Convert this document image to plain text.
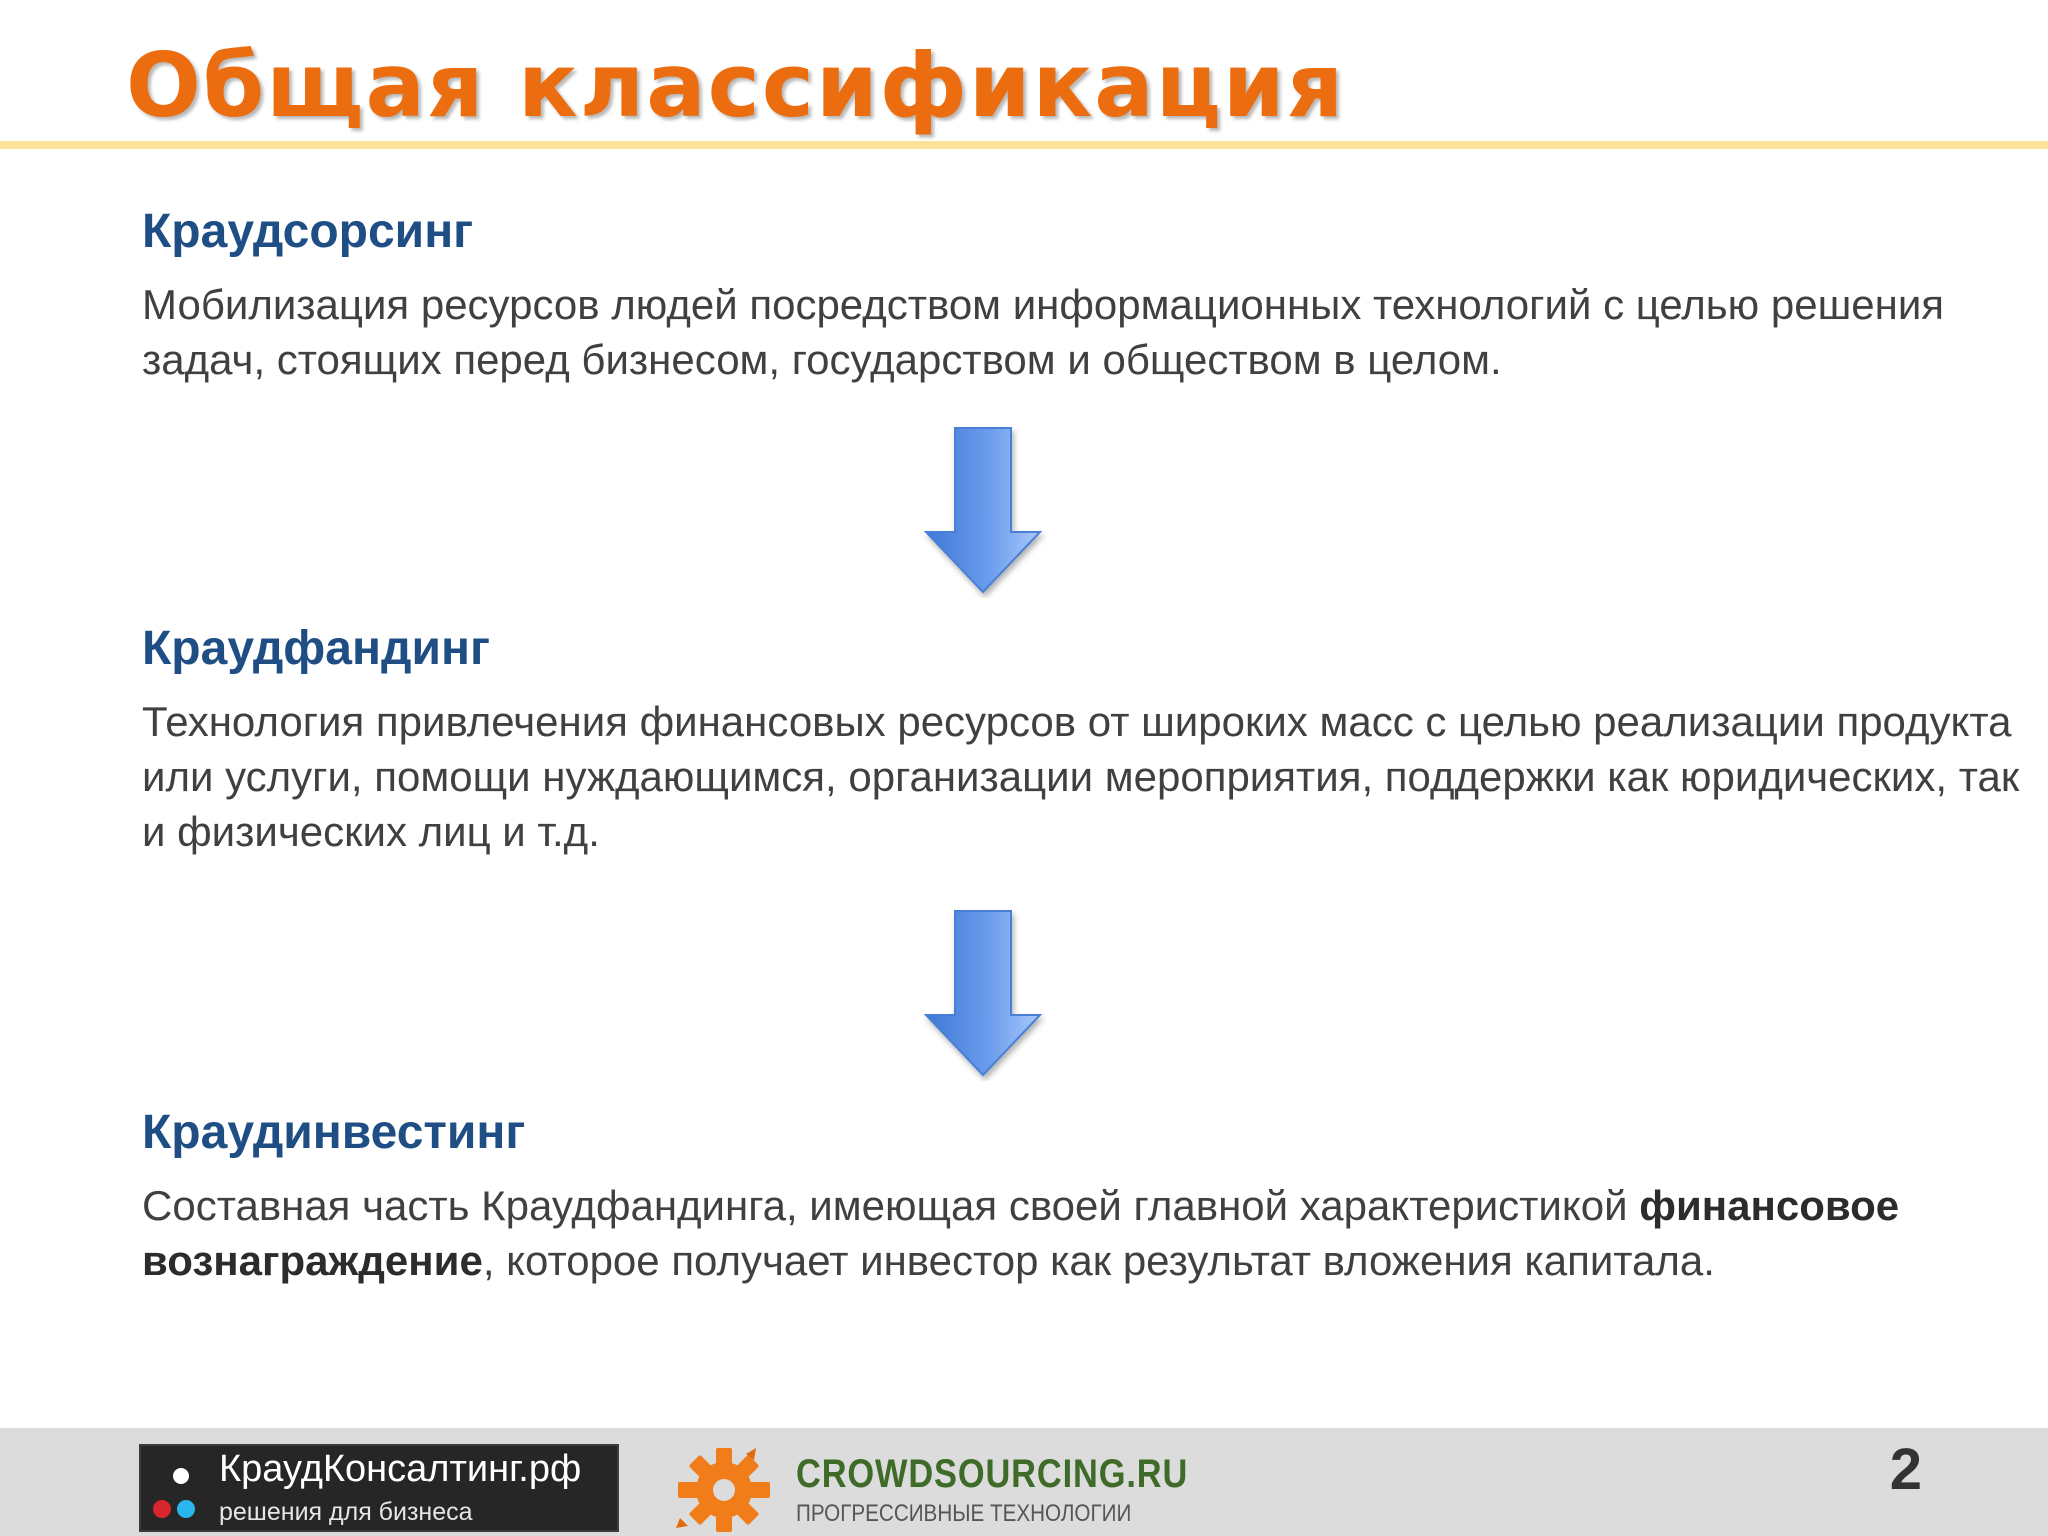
Общая классификация
Краудсорсинг

Мобилизация ресурсов людей посредством информационных технологий с целью решения задач, стоящих перед бизнесом, государством и обществом в целом.

Краудфандинг

Технология привлечения финансовых ресурсов от широких масс с целью реализации продукта или услуги, помощи нуждающимся, организации мероприятия, поддержки как юридических, так и физических лиц и т.д.

Краудинвестинг

Составная часть Краудфандинга, имеющая своей главной характеристикой финансовое вознаграждение, которое получает инвестор как результат вложения капитала.

КраудКонсалтинг.рф
решения для бизнеса
CROWDSOURCING.RU
ПРОГРЕССИВНЫЕ ТЕХНОЛОГИИ
2
